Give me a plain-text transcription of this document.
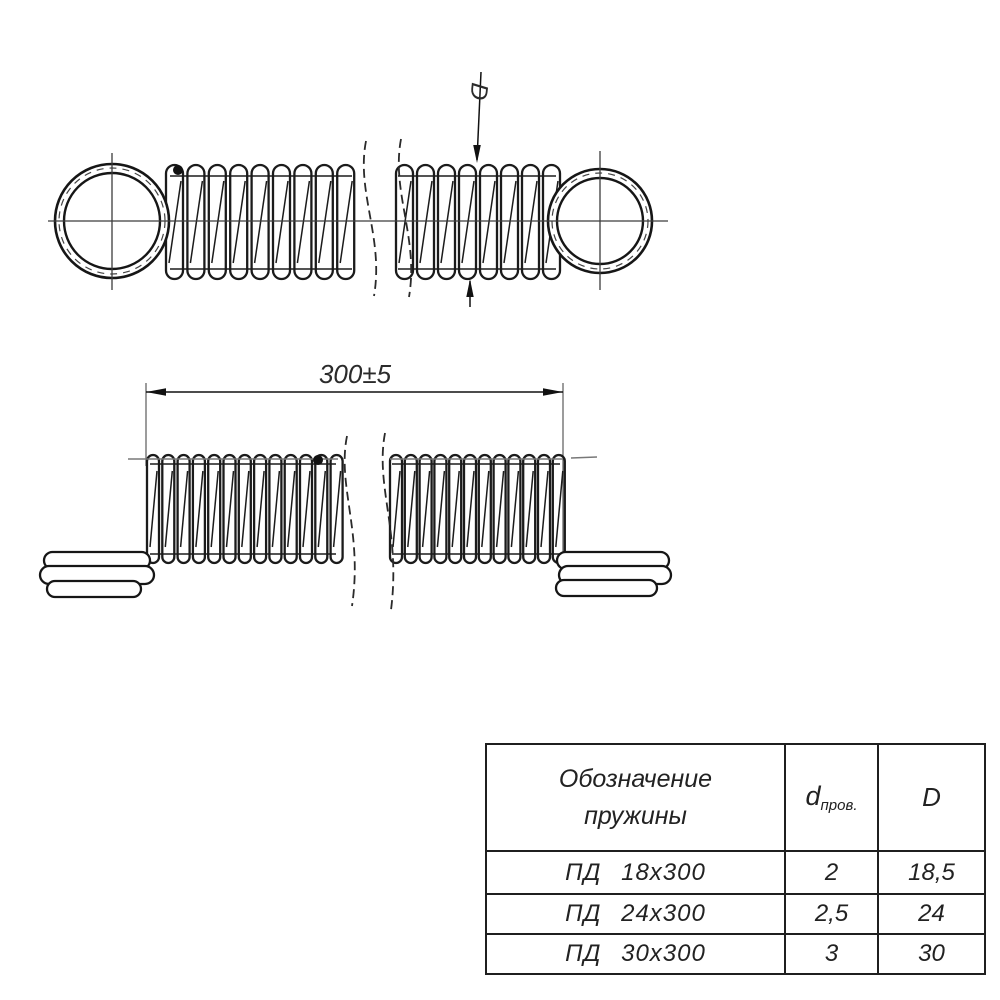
D
300±5
Обозначение пружины	dпров.	D
ПД 18х300	2	18,5
ПД 24х300	2,5	24
ПД 30х300	3	30
